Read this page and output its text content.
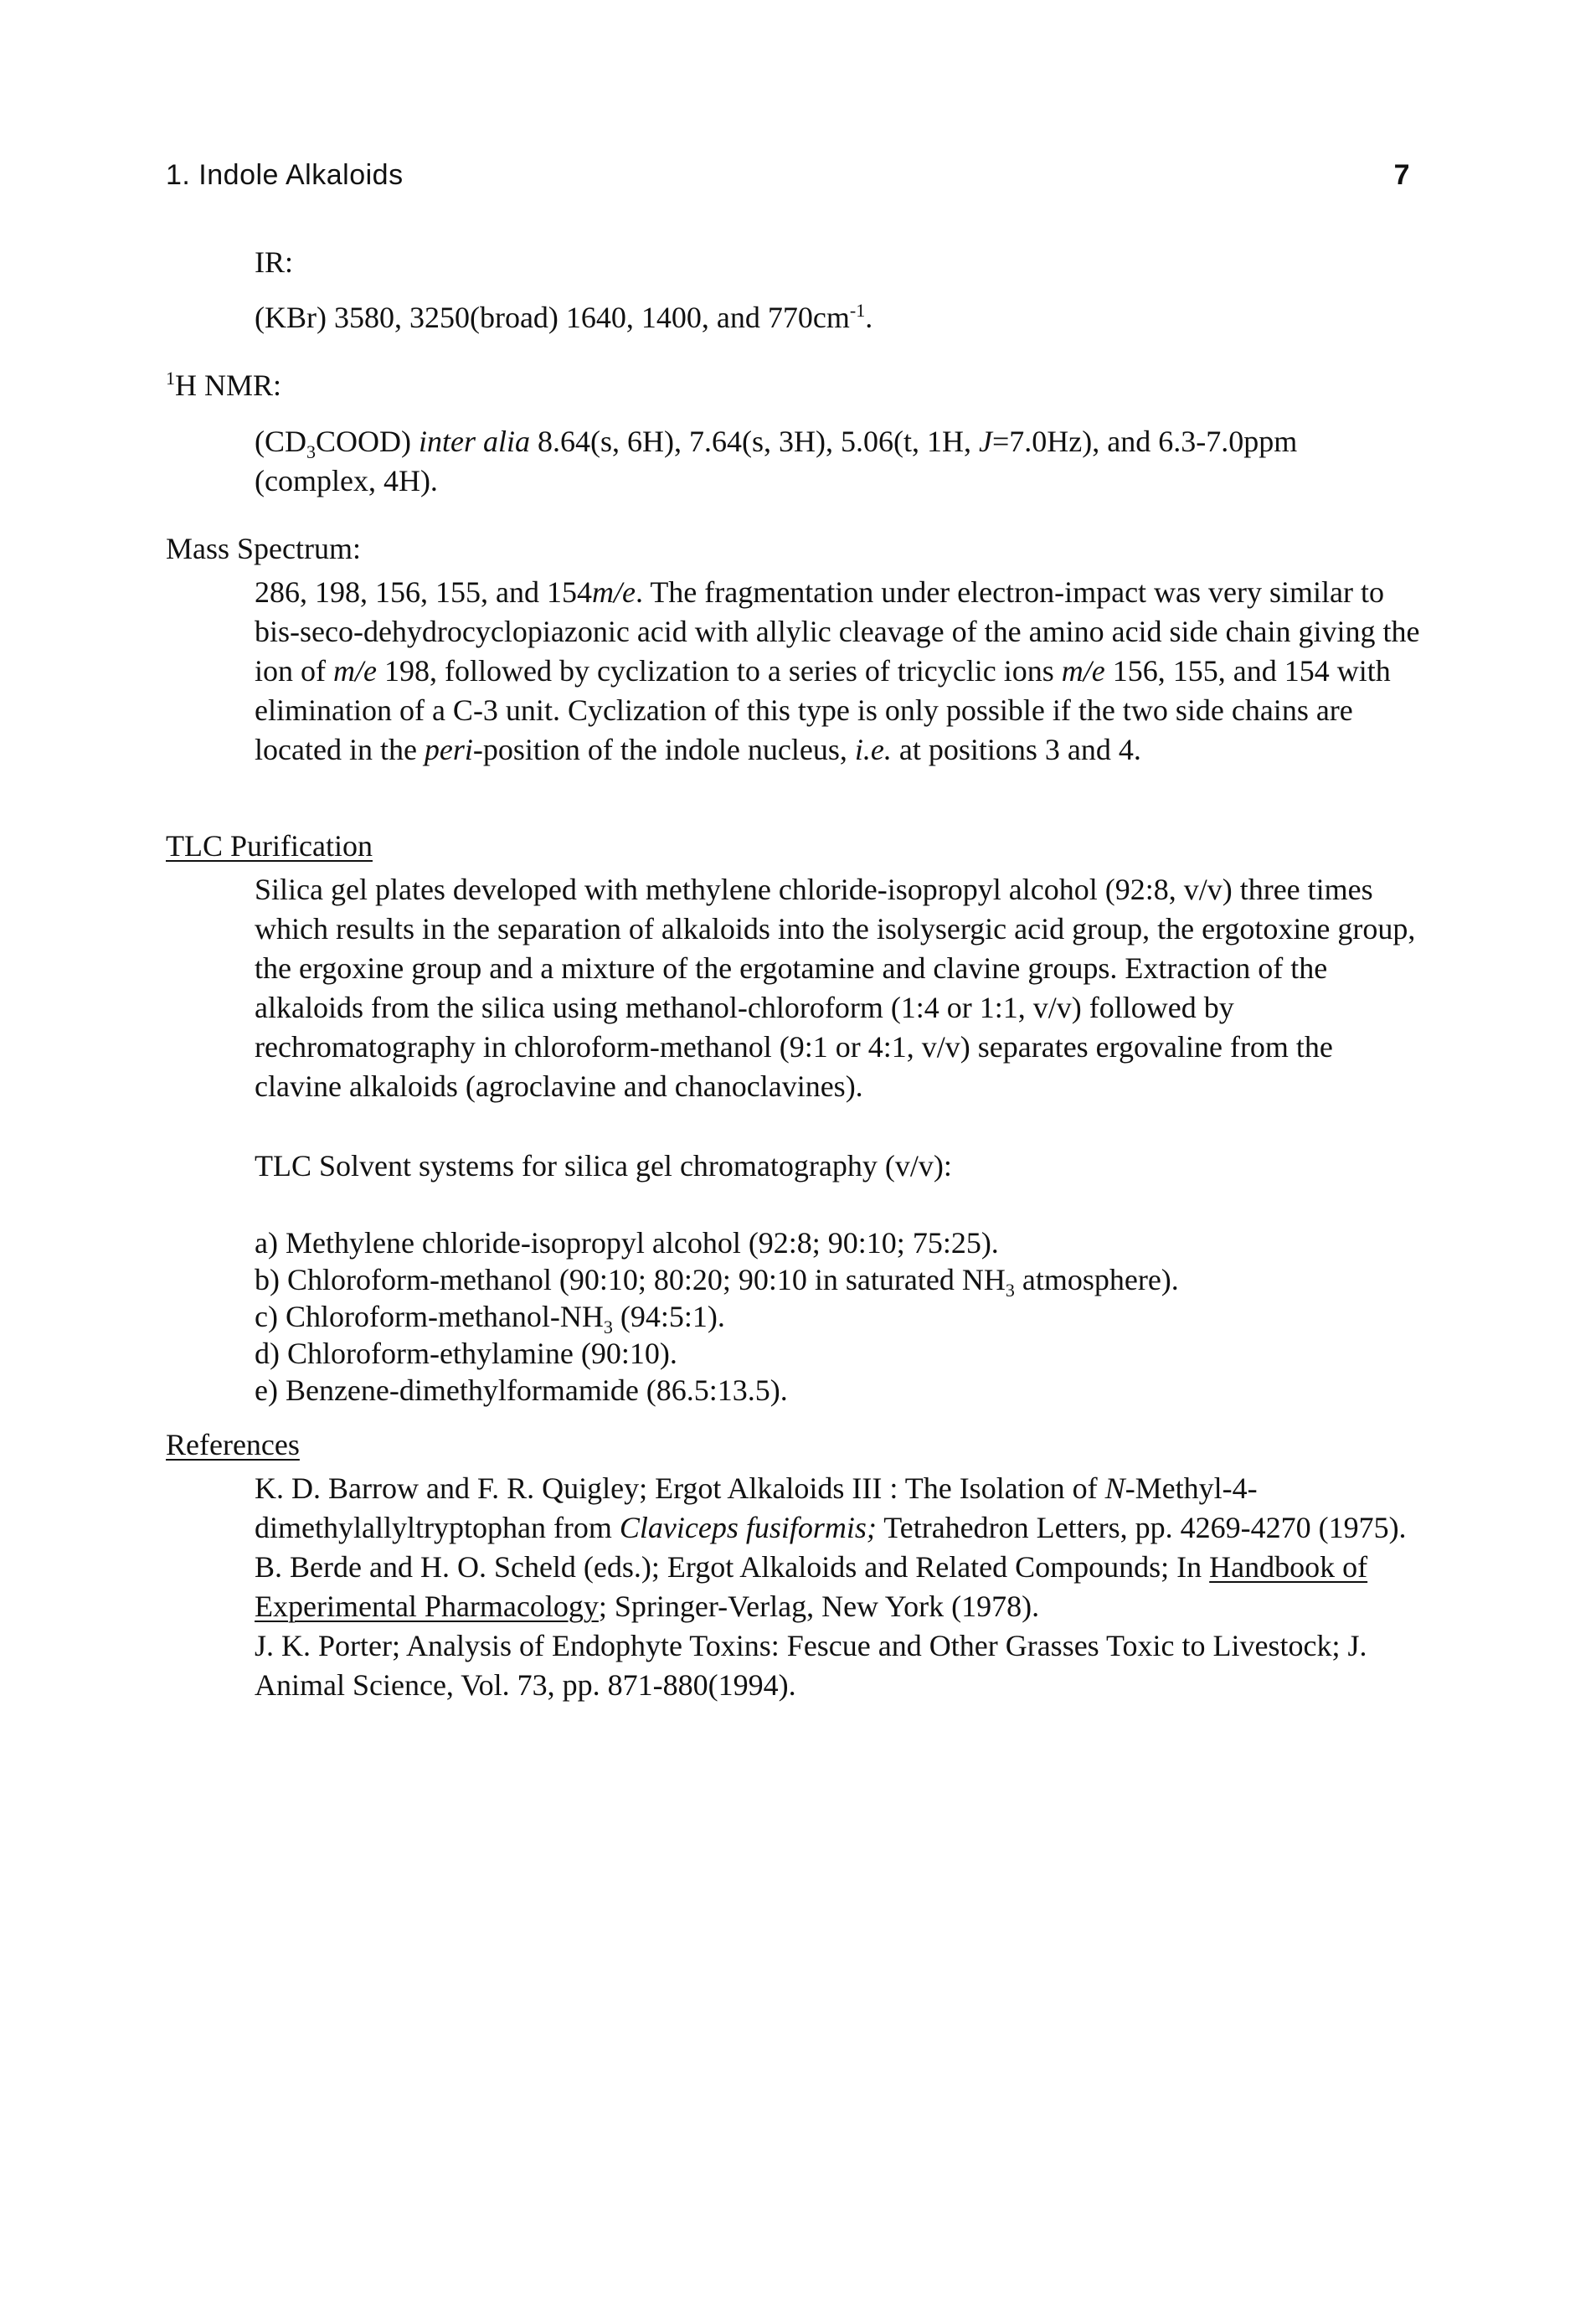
1. Indole Alkaloids	7
IR:

(KBr) 3580, 3250(broad) 1640, 1400, and $770cm^{-1}$.

$^1$H NMR:

$(CD_3COOD)$ inter alia 8.64(s, 6H), 7.64(s, 3H), 5.06(t, 1H, J=7.0Hz), and 6.3-7.0ppm

(complex, 4H).

Mass Spectrum:

286, 198, 156, 155, and 154m/e. The fragmentation under electron-impact was very similar to bis-seco-dehydrocyclopiazonic acid with allylic cleavage of the amino acid side chain giving the ion of m/e 198, followed by cyclization to a series of tricyclic ions m/e 156, 155, and 154 with elimination of a C-3 unit. Cyclization of this type is only possible if the two side chains are located in the peri-position of the indole nucleus, i.e. at positions 3 and 4.

TLC Purification

Silica gel plates developed with methylene chloride-isopropyl alcohol (92:8, v/v) three times which results in the separation of alkaloids into the isolysergic acid group, the ergotoxine group, the ergoxine group and a mixture of the ergotamine and clavine groups. Extraction of the alkaloids from the silica using methanol-chloroform (1:4 or 1:1, v/v) followed by rechromatography in chloroform-methanol (9:1 or 4:1, v/v) separates ergovaline from the clavine alkaloids (agroclavine and chanoclavines).

TLC Solvent systems for silica gel chromatography (v/v):

a) Methylene chloride-isopropyl alcohol (92:8; 90:10; 75:25).
b) Chloroform-methanol (90:10; 80:20; 90:10 in saturated $NH_3$ atmosphere).
c) Chloroform-$methanol-NH_3$ (94:5:1).
d) Chloroform-ethylamine (90:10).
e) Benzene-dimethylformamide (86.5:13.5).
References

K. D. Barrow and F. R. Quigley; Ergot Alkaloids III : The Isolation of N-Methyl-4-dimethylallyltryptophan from Claviceps fusiformis; Tetrahedron Letters, pp. 4269-4270 (1975).

B. Berde and H. O. Scheld (eds.); Ergot Alkaloids and Related Compounds; In Handbook of Experimental Pharmacology; Springer-Verlag, New York (1978).

J. K. Porter; Analysis of Endophyte Toxins: Fescue and Other Grasses Toxic to Livestock; J. Animal Science, Vol. 73, pp. 871-880(1994).
